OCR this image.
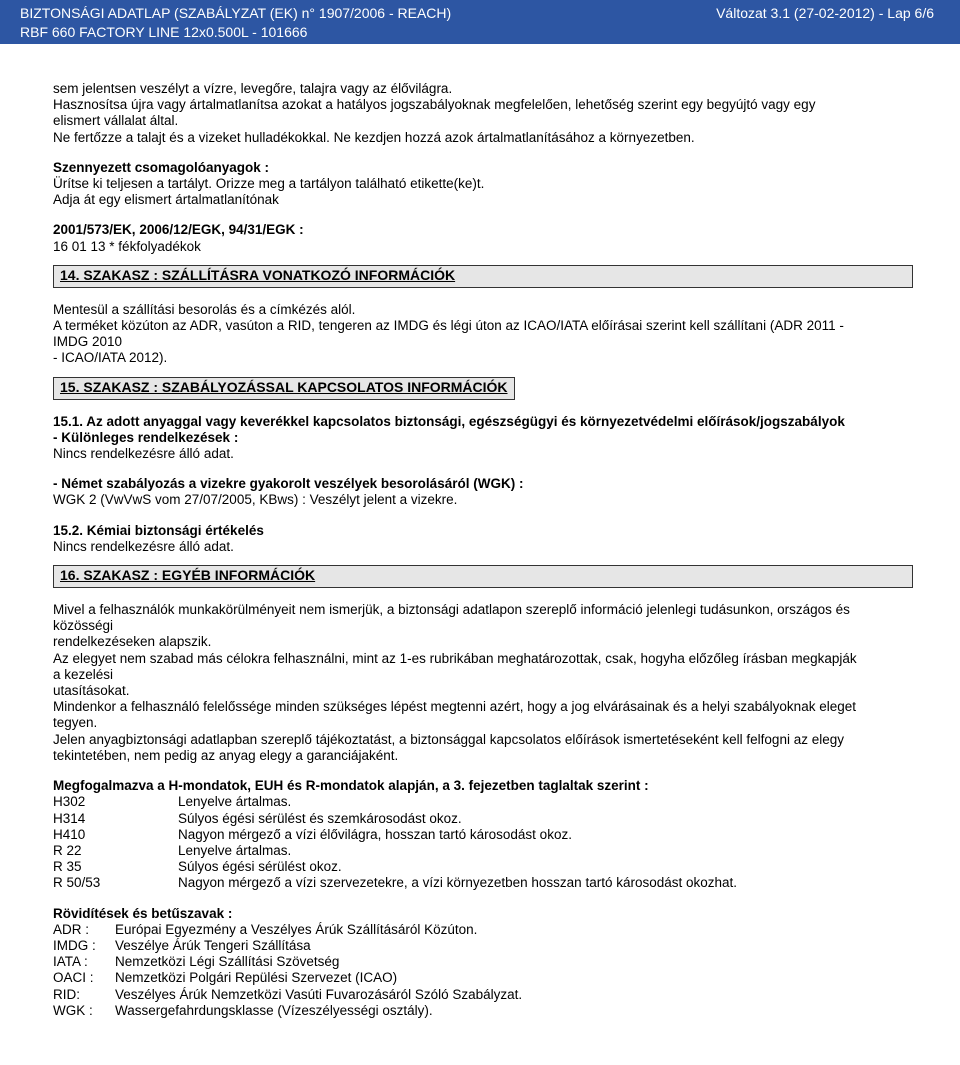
BIZTONSÁGI ADATLAP (SZABÁLYZAT (EK) n° 1907/2006 - REACH)	Változat 3.1 (27-02-2012) - Lap 6/6
RBF 660 FACTORY LINE 12x0.500L - 101666

sem jelentsen veszélyt a vízre, levegőre, talajra vagy az élővilágra.

Hasznosítsa újra vagy ártalmatlanítsa azokat a hatályos jogszabályoknak megfelelően, lehetőség szerint egy begyújtó vagy egy

elismert vállalat által.

Ne fertőzze a talajt és a vizeket hulladékokkal. Ne kezdjen hozzá azok ártalmatlanításához a környezetben.

Szennyezett csomagolóanyagok :

Ürítse ki teljesen a tartályt. Orizze meg a tartályon található etikette(ke)t.

Adja át egy elismert ártalmatlanítónak

2001/573/EK, 2006/12/EGK, 94/31/EGK :

16 01 13 * fékfolyadékok

14. SZAKASZ : SZÁLLÍTÁSRA VONATKOZÓ INFORMÁCIÓK

Mentesül a szállítási besorolás és a címkézés alól.

A terméket közúton az ADR, vasúton a RID, tengeren az IMDG és légi úton az ICAO/IATA előírásai szerint kell szállítani (ADR 2011 -

IMDG 2010

- ICAO/IATA 2012).

15. SZAKASZ : SZABÁLYOZÁSSAL KAPCSOLATOS INFORMÁCIÓK

15.1. Az adott anyaggal vagy keverékkel kapcsolatos biztonsági, egészségügyi és környezetvédelmi előírások/jogszabályok

- Különleges rendelkezések :

Nincs rendelkezésre álló adat.

- Német szabályozás a vizekre gyakorolt veszélyek besorolásáról (WGK) :

WGK 2 (VwVwS vom 27/07/2005, KBws) : Veszélyt jelent a vizekre.

15.2. Kémiai biztonsági értékelés

Nincs rendelkezésre álló adat.

16. SZAKASZ : EGYÉB INFORMÁCIÓK

Mivel a felhasználók munkakörülményeit nem ismerjük, a biztonsági adatlapon szereplő információ jelenlegi tudásunkon, országos és

közösségi

rendelkezéseken alapszik.

Az elegyet nem szabad más célokra felhasználni, mint az 1-es rubrikában meghatározottak, csak, hogyha előzőleg írásban megkapják

a kezelési

utasításokat.

Mindenkor a felhasználó felelőssége minden szükséges lépést megtenni azért, hogy a jog elvárásainak és a helyi szabályoknak eleget

tegyen.

Jelen anyagbiztonsági adatlapban szereplő tájékoztatást, a biztonsággal kapcsolatos előírások ismertetéseként kell felfogni az elegy

tekintetében, nem pedig az anyag elegy a garanciájaként.

Megfogalmazva a H-mondatok, EUH és R-mondatok alapján, a 3. fejezetben taglaltak szerint :

H302	Lenyelve ártalmas.
H314	Súlyos égési sérülést és szemkárosodást okoz.
H410	Nagyon mérgező a vízi élővilágra, hosszan tartó károsodást okoz.
R 22	Lenyelve ártalmas.
R 35	Súlyos égési sérülést okoz.
R 50/53	Nagyon mérgező a vízi szervezetekre, a vízi környezetben hosszan tartó károsodást okozhat.

Rövidítések és betűszavak :

ADR :	Európai Egyezmény a Veszélyes Árúk Szállításáról Közúton.
IMDG :	Veszélye Árúk Tengeri Szállítása
IATA :	Nemzetközi Légi Szállítási Szövetség
OACI :	Nemzetközi Polgári Repülési Szervezet (ICAO)
RID:	Veszélyes Árúk Nemzetközi Vasúti Fuvarozásáról Szóló Szabályzat.
WGK :	Wassergefahrdungsklasse (Vízeszélyességi osztály).
